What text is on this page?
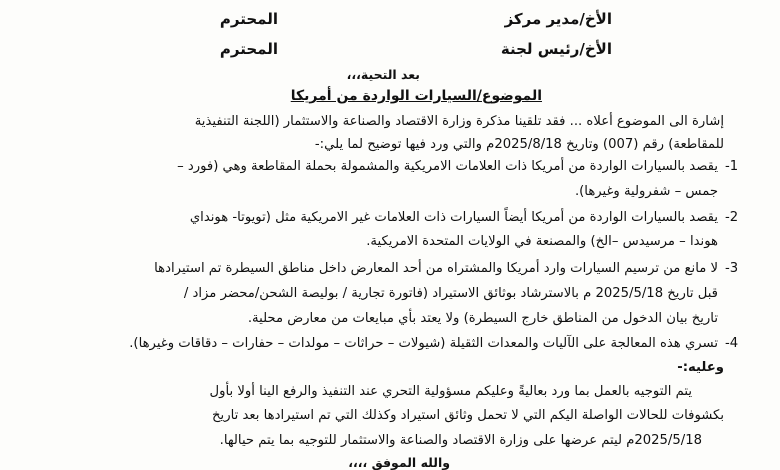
الأخ/مدير مركز
المحترم
الأخ/رئيس لجنة
المحترم
بعد التحية،،،
الموضوع/السيارات الواردة من أمريكا
إشارة الى الموضوع أعلاه ... فقد تلقينا مذكرة وزارة الاقتصاد والصناعة والاستثمار (اللجنة التنفيذية
للمقاطعة) رقم (007) وتاريخ 2025/8/18م والتي ورد فيها توضيح لما يلي:-
1-
يقصد بالسيارات الواردة من أمريكا ذات العلامات الامريكية والمشمولة بحملة المقاطعة وهي (فورد –
جمس – شفرولية وغيرها).
2-
يقصد بالسيارات الواردة من أمريكا أيضاً السيارات ذات العلامات غير الامريكية مثل (تويوتا- هونداي
هوندا – مرسيدس –الخ) والمصنعة في الولايات المتحدة الامريكية.
3-
لا مانع من ترسيم السيارات وارد أمريكا والمشتراه من أحد المعارض داخل مناطق السيطرة تم استيرادها
قبل تاريخ 2025/5/18 م بالاسترشاد بوثائق الاستيراد (فاتورة تجارية / بوليصة الشحن/محضر مزاد /
تاريخ بيان الدخول من المناطق خارج السيطرة) ولا يعتد بأي مبايعات من معارض محلية.
4-
تسري هذه المعالجة على الآليات والمعدات الثقيلة (شيولات – حراثات – مولدات – حفارات – دقاقات وغيرها).
وعليه:-
يتم التوجيه بالعمل بما ورد بعاليةً وعليكم مسؤولية التحري عند التنفيذ والرفع الينا أولا بأول
بكشوفات للحالات الواصلة اليكم التي لا تحمل وثائق استيراد وكذلك التي تم استيرادها بعد تاريخ
2025/5/18م ليتم عرضها على وزارة الاقتصاد والصناعة والاستثمار للتوجيه بما يتم حيالها.
والله الموفق ،،،،
